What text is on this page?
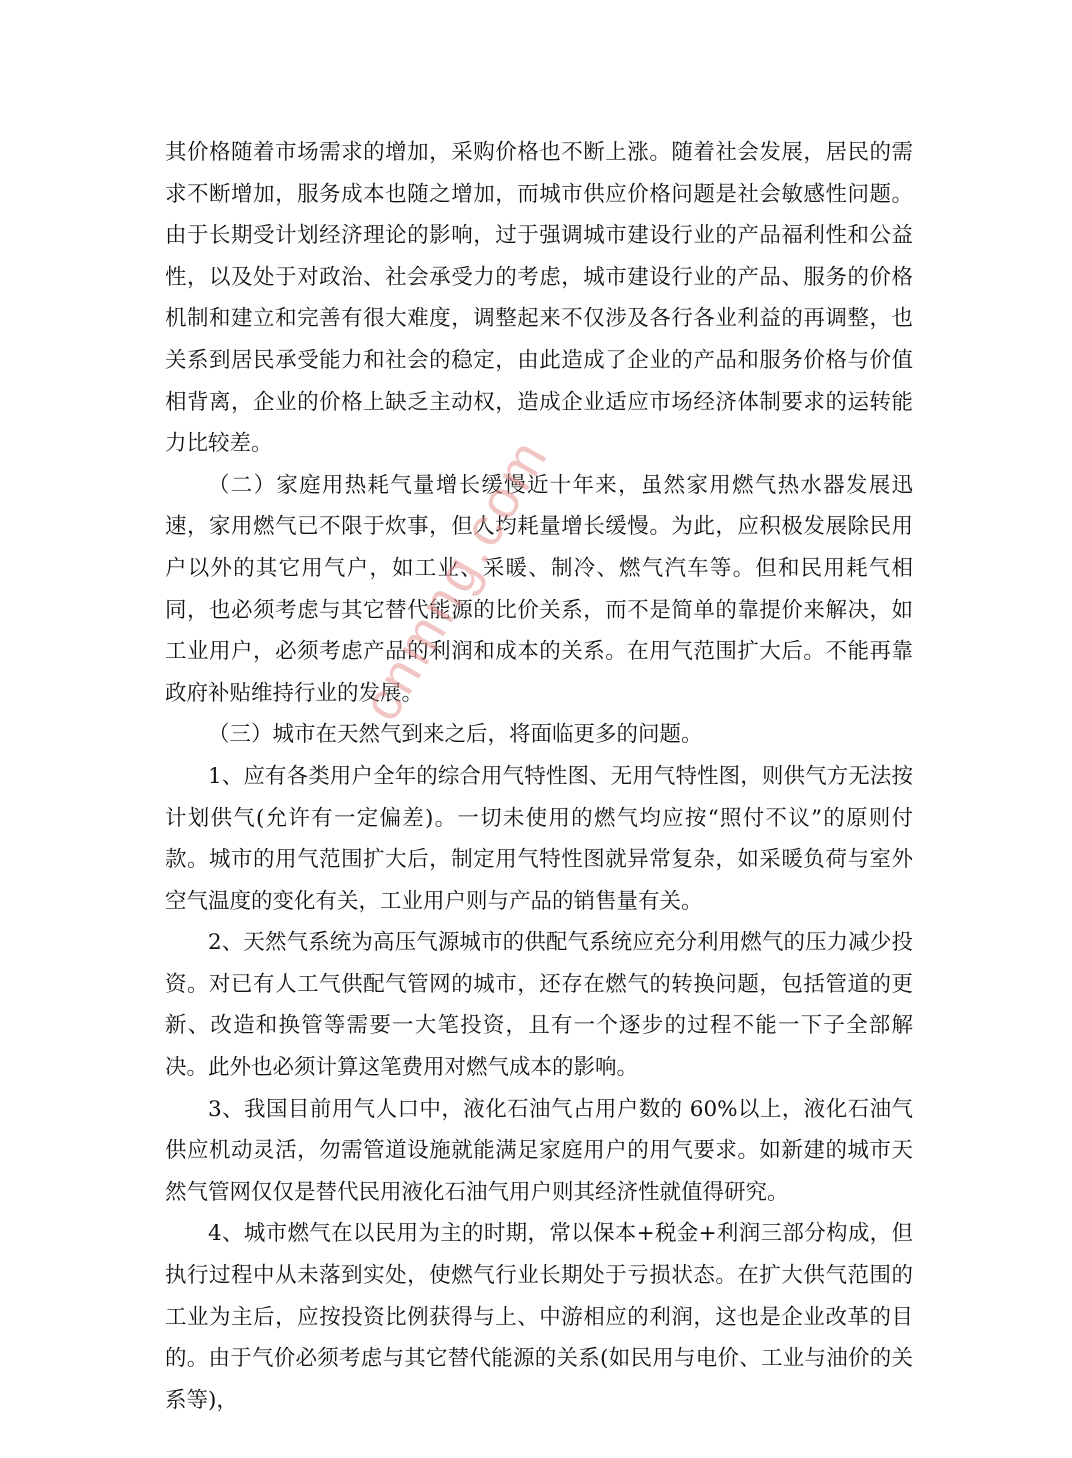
其价格随着市场需求的增加，采购价格也不断上涨。随着社会发展，居民的需求不断增加，服务成本也随之增加，而城市供应价格问题是社会敏感性问题。由于长期受计划经济理论的影响，过于强调城市建设行业的产品福利性和公益性，以及处于对政治、社会承受力的考虑，城市建设行业的产品、服务的价格机制和建立和完善有很大难度，调整起来不仅涉及各行各业利益的再调整，也关系到居民承受能力和社会的稳定，由此造成了企业的产品和服务价格与价值相背离，企业的价格上缺乏主动权，造成企业适应市场经济体制要求的运转能力比较差。

（二）家庭用热耗气量增长缓慢近十年来，虽然家用燃气热水器发展迅速，家用燃气已不限于炊事，但人均耗量增长缓慢。为此，应积极发展除民用户以外的其它用气户，如工业、采暖、制冷、燃气汽车等。但和民用耗气相同，也必须考虑与其它替代能源的比价关系，而不是简单的靠提价来解决，如工业用户，必须考虑产品的利润和成本的关系。在用气范围扩大后。不能再靠政府补贴维持行业的发展。

（三）城市在天然气到来之后，将面临更多的问题。

1、应有各类用户全年的综合用气特性图、无用气特性图，则供气方无法按计划供气(允许有一定偏差)。一切未使用的燃气均应按“照付不议”的原则付款。城市的用气范围扩大后，制定用气特性图就异常复杂，如采暖负荷与室外空气温度的变化有关，工业用户则与产品的销售量有关。

2、天然气系统为高压气源城市的供配气系统应充分利用燃气的压力减少投资。对已有人工气供配气管网的城市，还存在燃气的转换问题，包括管道的更新、改造和换管等需要一大笔投资，且有一个逐步的过程不能一下子全部解决。此外也必须计算这笔费用对燃气成本的影响。

3、我国目前用气人口中，液化石油气占用户数的 60%以上，液化石油气供应机动灵活，勿需管道设施就能满足家庭用户的用气要求。如新建的城市天然气管网仅仅是替代民用液化石油气用户则其经济性就值得研究。

4、城市燃气在以民用为主的时期，常以保本+税金+利润三部分构成，但执行过程中从未落到实处，使燃气行业长期处于亏损状态。在扩大供气范围的工业为主后，应按投资比例获得与上、中游相应的利润，这也是企业改革的目的。由于气价必须考虑与其它替代能源的关系(如民用与电价、工业与油价的关系等)，

cnmng.com
